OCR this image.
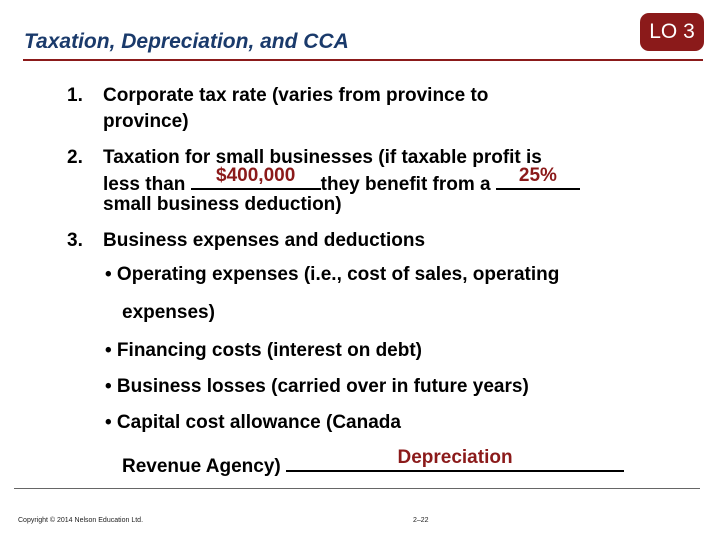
Taxation, Depreciation, and CCA	LO 3
1. Corporate tax rate (varies from province to
province)
2. Taxation for small businesses (if taxable profit is
less than	$400,000	they benefit from a	25%
small business deduction)
3. Business expenses and deductions
• Operating expenses (i.e., cost of sales, operating
expenses)
• Financing costs (interest on debt)
• Business losses (carried over in future years)
• Capital cost allowance (Canada
Revenue Agency)	Depreciation
Copyright © 2014 Nelson Education Ltd.	2–22
